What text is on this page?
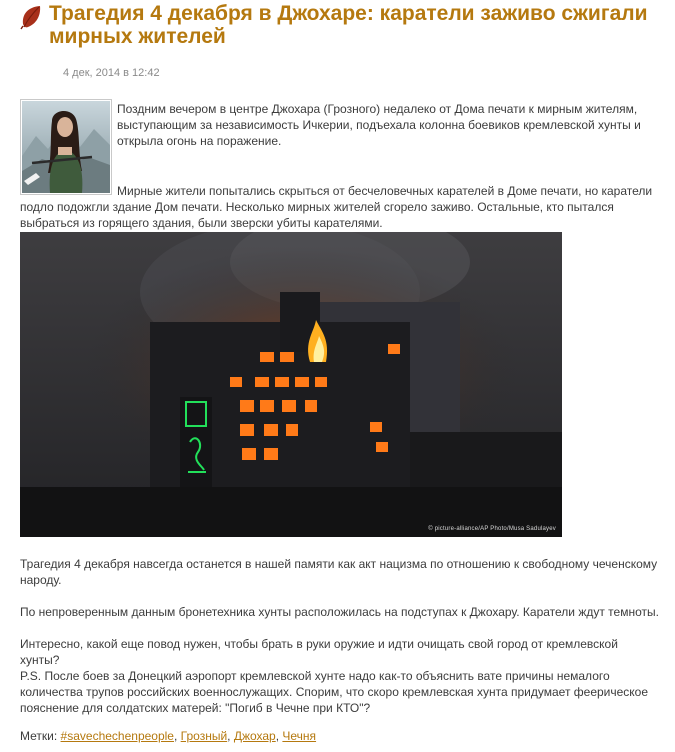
Трагедия 4 декабря в Джохаре: каратели заживо сжигали мирных жителей
4 дек, 2014 в 12:42

Поздним вечером в центре Джохара (Грозного) недалеко от Дома печати к мирным жителям, выступающим за независимость Ичкерии, подъехала колонна боевиков кремлевской хунты и открыла огонь на поражение.

Мирные жители попытались скрыться от бесчеловечных карателей в Доме печати, но каратели подло подожгли здание Дом печати. Несколько мирных жителей сгорело заживо. Остальные, кто пытался выбраться из горящего здания, были зверски убиты карателями.

© picture-alliance/AP Photo/Musa Sadulayev

Трагедия 4 декабря навсегда останется в нашей памяти как акт нацизма по отношению к свободному чеченскому народу.

По непроверенным данным бронетехника хунты расположилась на подступах к Джохару. Каратели ждут темноты.

Интересно, какой еще повод нужен, чтобы брать в руки оружие и идти очищать свой город от кремлевской хунты?

P.S. После боев за Донецкий аэропорт кремлевской хунте надо как-то объяснить вате причины немалого количества трупов российских военнослужащих. Спорим, что скоро кремлевская хунта придумает феерическое пояснение для солдатских матерей: "Погиб в Чечне при КТО"?

Метки: #savechechenpeople, Грозный, Джохар, Чечня
